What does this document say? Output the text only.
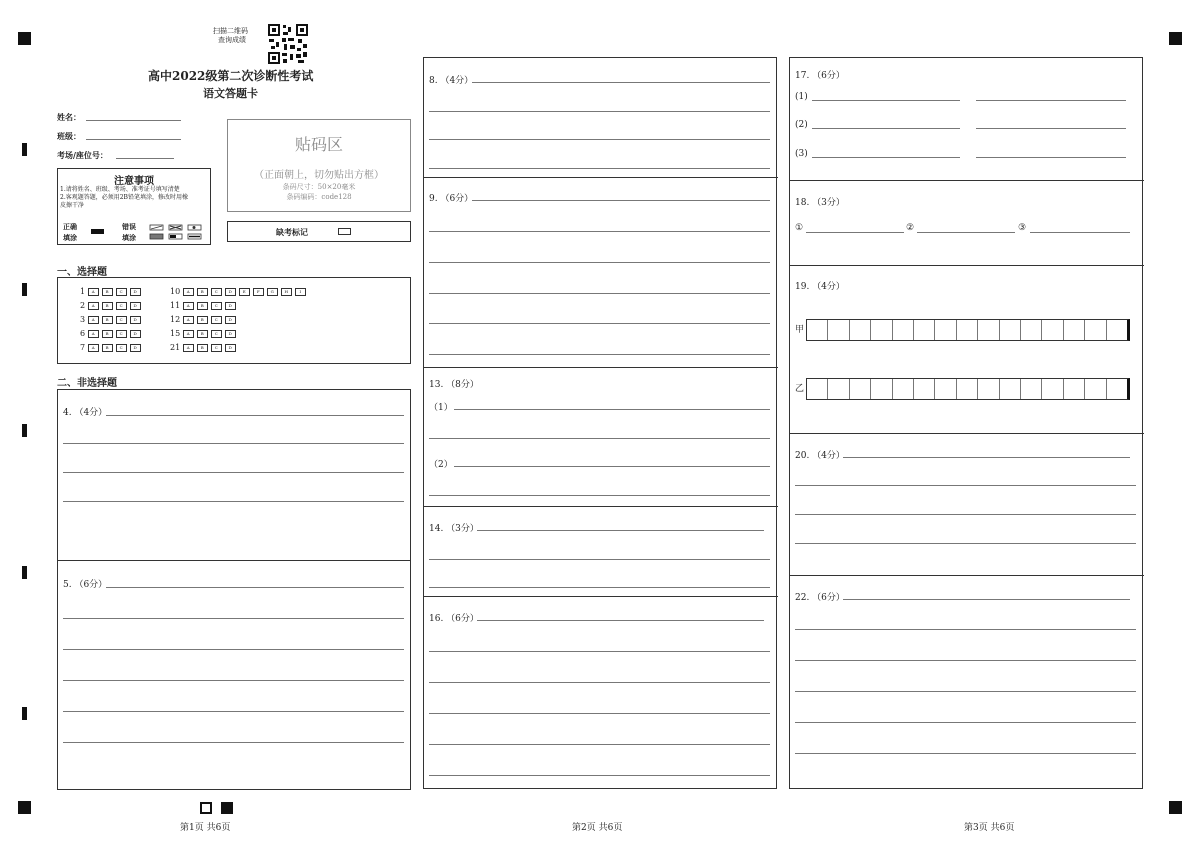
扫描二维码
查询成绩
高中2022级第二次诊断性考试
语文答题卡
姓名：
班级：
考场/座位号：
贴码区
（正面朝上，切勿贴出方框）
条码尺寸：50×20毫米
条码编码：code128
缺考标记
注意事项
1.请将姓名、班级、考场、准考证号填写清楚
2.客观题答题，必须用2B铅笔填涂，修改时用橡
皮擦干净
正确
填涂
错误
填涂
一、选择题
1 A	B	C	D
2 A	B	C	D
3 A	B	C	D
6 A	B	C	D
7 A	B	C	D
10 A	B	C	D	E	F	G	H	I
11 A	B	C	D
12 A	B	C	D
15 A	B	C	D
21 A	B	C	D
二、非选择题
4. （4分）
5. （6分）
8. （4分）
9. （6分）
13. （8分）
（1）
（2）
14. （3分）
16. （6分）
17. （6分）
(1)
(2)
(3)
18. （3分）
①	②	③
19. （4分）
甲
乙
20. （4分）
22. （6分）
第1页 共6页	第2页 共6页	第3页 共6页
